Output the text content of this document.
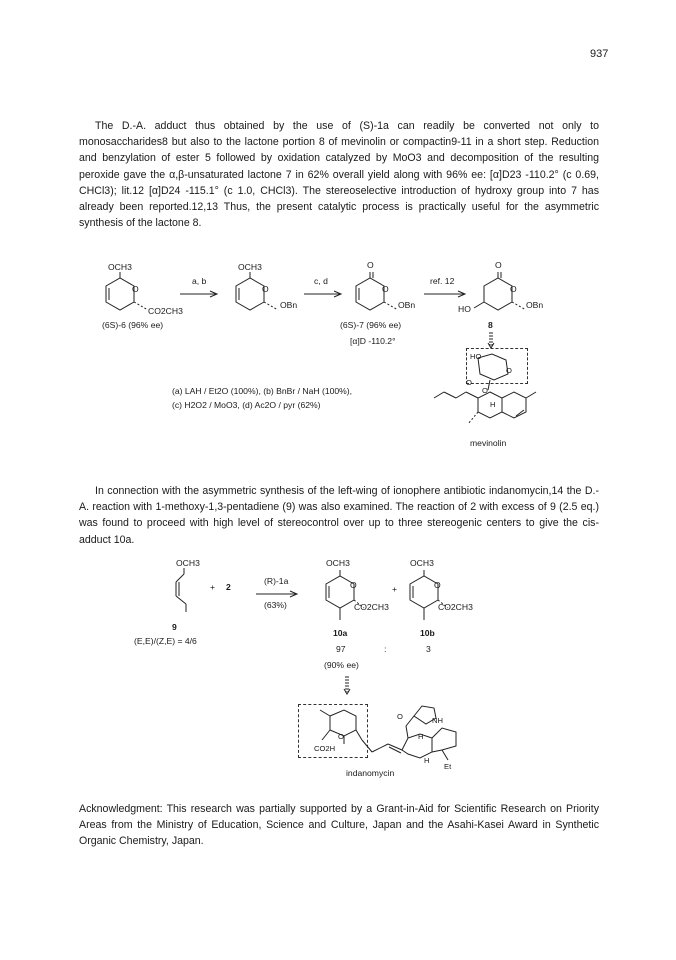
937
The D.-A. adduct thus obtained by the use of (S)-1a can readily be converted not only to monosaccharides8 but also to the lactone portion 8 of mevinolin or compactin9-11 in a short step. Reduction and benzylation of ester 5 followed by oxidation catalyzed by MoO3 and decomposition of the resulting peroxide gave the α,β-unsaturated lactone 7 in 62% overall yield along with 96% ee: [α]D23 -110.2° (c 0.69, CHCl3); lit.12 [α]D24 -115.1° (c 1.0, CHCl3). The stereoselective introduction of hydroxy group into 7 has already been reported.12,13 Thus, the present catalytic process is practically useful for the asymmetric synthesis of the lactone 8.
OCH3
O
CO2CH3
(6S)-6 (96% ee)
a, b
OCH3
O
OBn
c, d
O
O
OBn
(6S)-7 (96% ee)
[α]D -110.2°
ref. 12
O
O
HO	OBn
8
HO
O
O
O
H
mevinolin
(a) LAH / Et2O (100%), (b) BnBr / NaH (100%),
(c) H2O2 / MoO3, (d) Ac2O / pyr (62%)
In connection with the asymmetric synthesis of the left-wing of ionophere antibiotic indanomycin,14 the D.-A. reaction with 1-methoxy-1,3-pentadiene (9) was also examined. The reaction of 2 with excess of 9 (2.5 eq.) was found to proceed with high level of stereocontrol over up to three stereogenic centers to give the cis-adduct 10a.
OCH3
+ 2
9
(E,E)/(Z,E) = 4/6
(R)-1a
(63%)
OCH3
O
CO2CH3
10a
97	:
(90% ee)
+
OCH3
O
CO2CH3
10b
3
O
CO2H
O	NH
H
H
Et
indanomycin
Acknowledgment: This research was partially supported by a Grant-in-Aid for Scientific Research on Priority Areas from the Ministry of Education, Science and Culture, Japan and the Asahi-Kasei Award in Synthetic Organic Chemistry, Japan.
